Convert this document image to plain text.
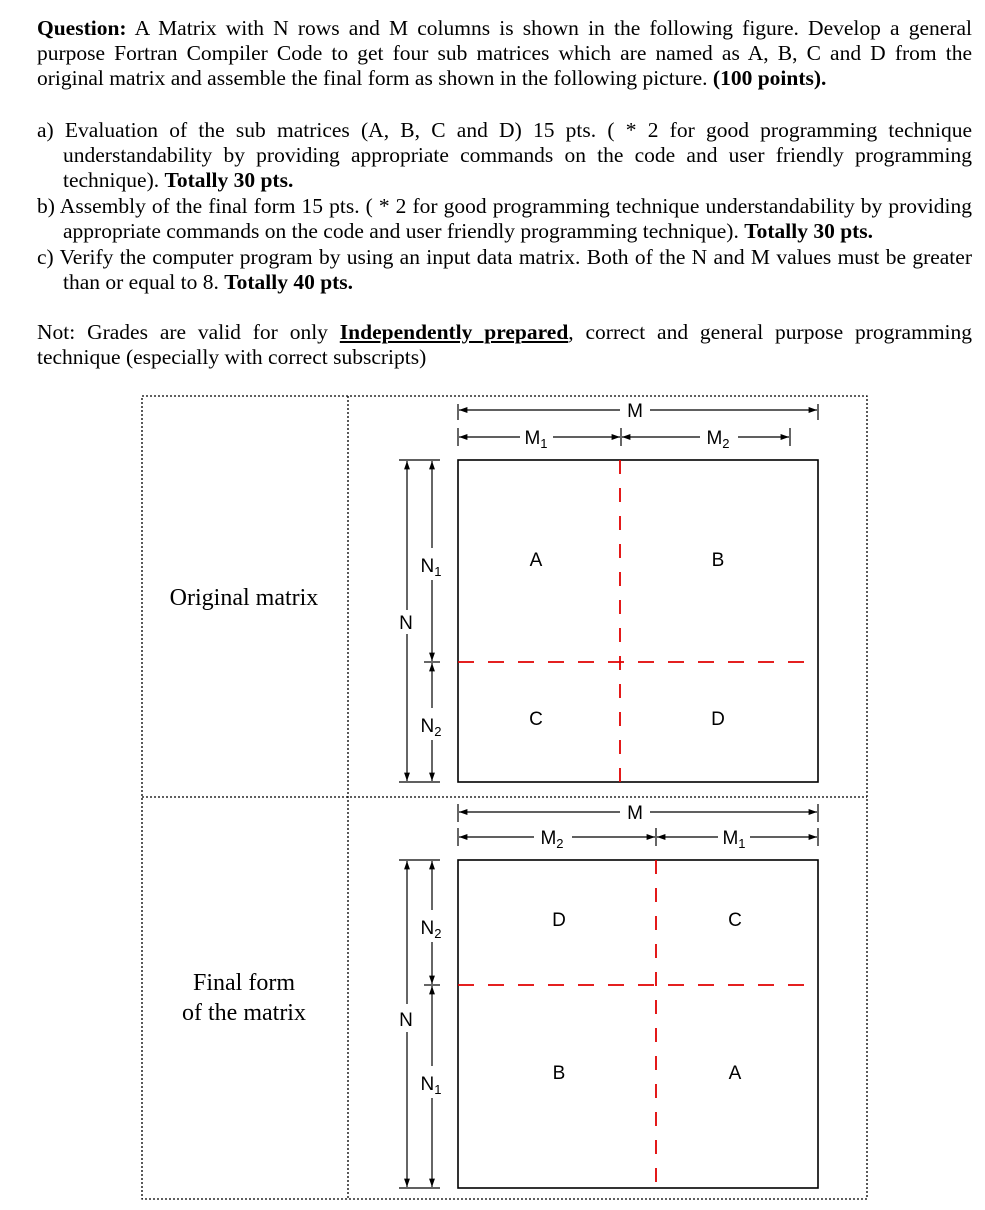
Question: A Matrix with N rows and M columns is shown in the following figure. Develop a general purpose Fortran Compiler Code to get four sub matrices which are named as A, B, C and D from the original matrix and assemble the final form as shown in the following picture. (100 points).

a) Evaluation of the sub matrices (A, B, C and D) 15 pts. ( * 2 for good programming technique understandability by providing appropriate commands on the code and user friendly programming technique). Totally 30 pts.

b) Assembly of the final form 15 pts. ( * 2 for good programming technique understandability by providing appropriate commands on the code and user friendly programming technique). Totally 30 pts.

c) Verify the computer program by using an input data matrix. Both of the N and M values must be greater than or equal to 8. Totally 40 pts.

Not: Grades are valid for only Independently prepared, correct and general purpose programming technique (especially with correct subscripts)

Original matrix
M
$M_1$	$M_2$
A	B
C	D
N
$N_1$
$N_2$
Final form
of the matrix
M
$M_2$	$M_1$
D	C
B	A
N
$N_2$
$N_1$
